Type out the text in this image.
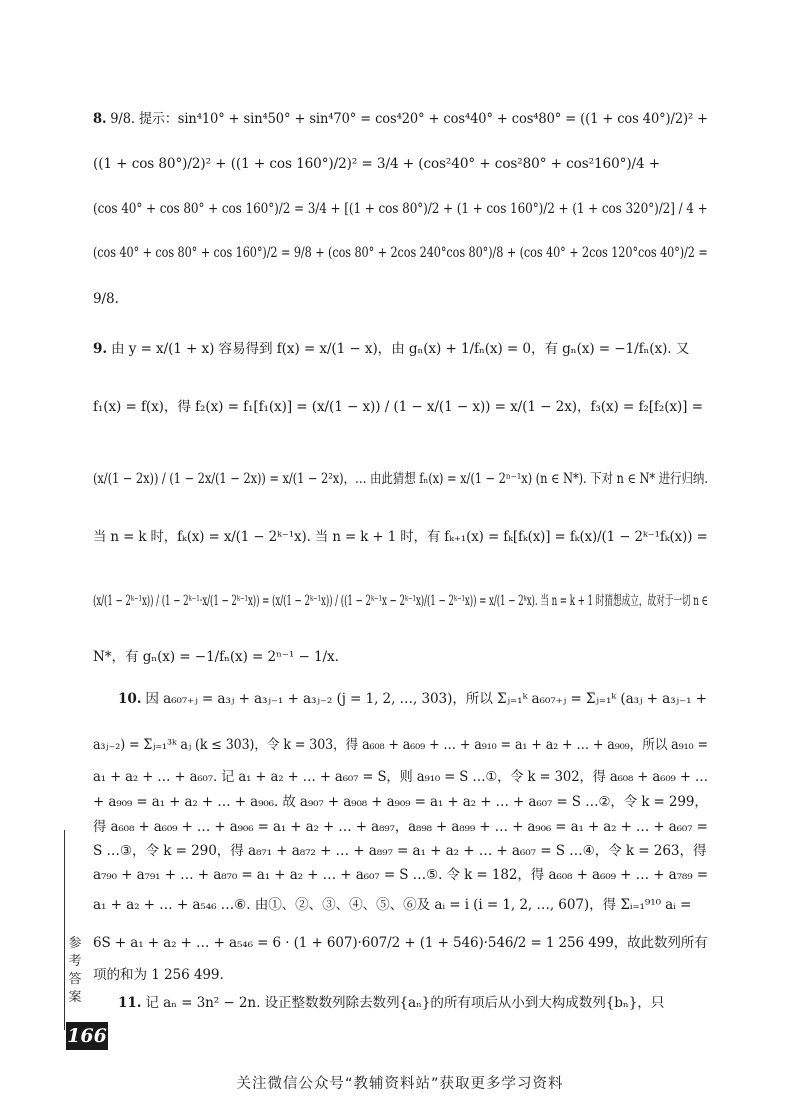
8. 9/8. 提示：sin⁴10° + sin⁴50° + sin⁴70° = cos⁴20° + cos⁴40° + cos⁴80° = ((1 + cos 40°)/2)² +
((1 + cos 80°)/2)² + ((1 + cos 160°)/2)² = 3/4 + (cos²40° + cos²80° + cos²160°)/4 +
(cos 40° + cos 80° + cos 160°)/2 = 3/4 + [(1 + cos 80°)/2 + (1 + cos 160°)/2 + (1 + cos 320°)/2] / 4 +
(cos 40° + cos 80° + cos 160°)/2 = 9/8 + (cos 80° + 2cos 240°cos 80°)/8 + (cos 40° + 2cos 120°cos 40°)/2 =
9/8.
9. 由 y = x/(1 + x) 容易得到 f(x) = x/(1 − x)，由 gₙ(x) + 1/fₙ(x) = 0，有 gₙ(x) = −1/fₙ(x). 又
f₁(x) = f(x)，得 f₂(x) = f₁[f₁(x)] = (x/(1 − x)) / (1 − x/(1 − x)) = x/(1 − 2x)，f₃(x) = f₂[f₂(x)] =
(x/(1 − 2x)) / (1 − 2x/(1 − 2x)) = x/(1 − 2²x)，… 由此猜想 fₙ(x) = x/(1 − 2ⁿ⁻¹x) (n ∈ N*). 下对 n ∈ N* 进行归纳.
当 n = k 时，fₖ(x) = x/(1 − 2ᵏ⁻¹x). 当 n = k + 1 时，有 fₖ₊₁(x) = fₖ[fₖ(x)] = fₖ(x)/(1 − 2ᵏ⁻¹fₖ(x)) =
(x/(1 − 2ᵏ⁻¹x)) / (1 − 2ᵏ⁻¹·x/(1 − 2ᵏ⁻¹x)) = (x/(1 − 2ᵏ⁻¹x)) / ((1 − 2ᵏ⁻¹x − 2ᵏ⁻¹x)/(1 − 2ᵏ⁻¹x)) = x/(1 − 2ᵏx). 当 n = k + 1 时猜想成立，故对于一切 n ∈
N*，有 gₙ(x) = −1/fₙ(x) = 2ⁿ⁻¹ − 1/x.
10. 因 a₆₀₇₊ⱼ = a₃ⱼ + a₃ⱼ₋₁ + a₃ⱼ₋₂ (j = 1, 2, …, 303)，所以 Σⱼ₌₁ᵏ a₆₀₇₊ⱼ = Σⱼ₌₁ᵏ (a₃ⱼ + a₃ⱼ₋₁ +
a₃ⱼ₋₂) = Σⱼ₌₁³ᵏ aⱼ (k ≤ 303)，令 k = 303，得 a₆₀₈ + a₆₀₉ + … + a₉₁₀ = a₁ + a₂ + … + a₉₀₉，所以 a₉₁₀ =
a₁ + a₂ + … + a₆₀₇. 记 a₁ + a₂ + … + a₆₀₇ = S，则 a₉₁₀ = S …①，令 k = 302，得 a₆₀₈ + a₆₀₉ + …
+ a₉₀₉ = a₁ + a₂ + … + a₉₀₆. 故 a₉₀₇ + a₉₀₈ + a₉₀₉ = a₁ + a₂ + … + a₆₀₇ = S …②，令 k = 299，
得 a₆₀₈ + a₆₀₉ + … + a₉₀₆ = a₁ + a₂ + … + a₈₉₇，a₈₉₈ + a₈₉₉ + … + a₉₀₆ = a₁ + a₂ + … + a₆₀₇ =
S …③，令 k = 290，得 a₈₇₁ + a₈₇₂ + … + a₈₉₇ = a₁ + a₂ + … + a₆₀₇ = S …④，令 k = 263，得
a₇₉₀ + a₇₉₁ + … + a₈₇₀ = a₁ + a₂ + … + a₆₀₇ = S …⑤. 令 k = 182，得 a₆₀₈ + a₆₀₉ + … + a₇₈₉ =
a₁ + a₂ + … + a₅₄₆ …⑥. 由①、②、③、④、⑤、⑥及 aᵢ = i (i = 1, 2, …, 607)，得 Σᵢ₌₁⁹¹⁰ aᵢ =
6S + a₁ + a₂ + … + a₅₄₆ = 6 · (1 + 607)·607/2 + (1 + 546)·546/2 = 1 256 499，故此数列所有
项的和为 1 256 499.
11. 记 aₙ = 3n² − 2n. 设正整数数列除去数列{aₙ}的所有项后从小到大构成数列{bₙ}，只
参考答案
166
关注微信公众号“教辅资料站”获取更多学习资料
